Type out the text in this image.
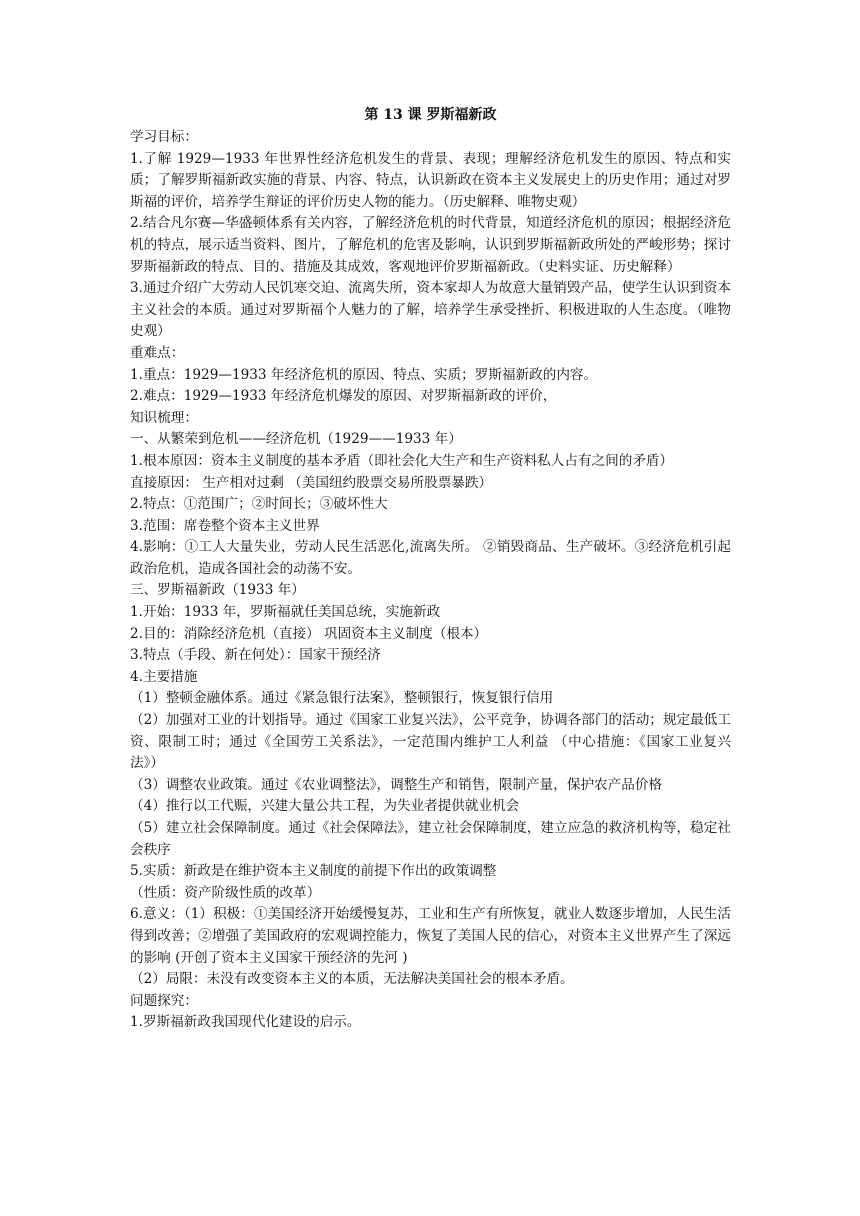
第 13 课 罗斯福新政

学习目标：

1.了解 1929—1933 年世界性经济危机发生的背景、表现；理解经济危机发生的原因、特点和实质；了解罗斯福新政实施的背景、内容、特点，认识新政在资本主义发展史上的历史作用；通过对罗斯福的评价，培养学生辩证的评价历史人物的能力。（历史解释、唯物史观）

2.结合凡尔赛—华盛顿体系有关内容，了解经济危机的时代背景，知道经济危机的原因；根据经济危机的特点，展示适当资料、图片，了解危机的危害及影响，认识到罗斯福新政所处的严峻形势；探讨罗斯福新政的特点、目的、措施及其成效，客观地评价罗斯福新政。（史料实证、历史解释）

3.通过介绍广大劳动人民饥寒交迫、流离失所，资本家却人为故意大量销毁产品，使学生认识到资本主义社会的本质。通过对罗斯福个人魅力的了解，培养学生承受挫折、积极进取的人生态度。（唯物史观）

重难点：

1.重点：1929—1933 年经济危机的原因、特点、实质；罗斯福新政的内容。

2.难点：1929—1933 年经济危机爆发的原因、对罗斯福新政的评价，

知识梳理：

一、从繁荣到危机——经济危机（1929——1933 年）

1.根本原因：资本主义制度的基本矛盾（即社会化大生产和生产资料私人占有之间的矛盾）

直接原因： 生产相对过剩 （美国纽约股票交易所股票暴跌）

2.特点：①范围广；②时间长；③破坏性大

3.范围：席卷整个资本主义世界

4.影响：①工人大量失业，劳动人民生活恶化,流离失所。 ②销毁商品、生产破坏。③经济危机引起政治危机，造成各国社会的动荡不安。

三、罗斯福新政（1933 年）

1.开始：1933 年，罗斯福就任美国总统，实施新政

2.目的：消除经济危机（直接） 巩固资本主义制度（根本）

3.特点（手段、新在何处）：国家干预经济

4.主要措施

（1）整顿金融体系。通过《紧急银行法案》，整顿银行，恢复银行信用

（2）加强对工业的计划指导。通过《国家工业复兴法》，公平竞争，协调各部门的活动；规定最低工资、限制工时；通过《全国劳工关系法》，一定范围内维护工人利益 （中心措施：《国家工业复兴法》）

（3）调整农业政策。通过《农业调整法》，调整生产和销售，限制产量，保护农产品价格

（4）推行以工代赈，兴建大量公共工程，为失业者提供就业机会

（5）建立社会保障制度。通过《社会保障法》，建立社会保障制度，建立应急的救济机构等，稳定社会秩序

5.实质：新政是在维护资本主义制度的前提下作出的政策调整

（性质：资产阶级性质的改革）

6.意义：（1）积极：①美国经济开始缓慢复苏，工业和生产有所恢复，就业人数逐步增加，人民生活得到改善；②增强了美国政府的宏观调控能力，恢复了美国人民的信心，对资本主义世界产生了深远的影响 (开创了资本主义国家干预经济的先河 )

（2）局限：未没有改变资本主义的本质，无法解决美国社会的根本矛盾。

问题探究：

1.罗斯福新政我国现代化建设的启示。
